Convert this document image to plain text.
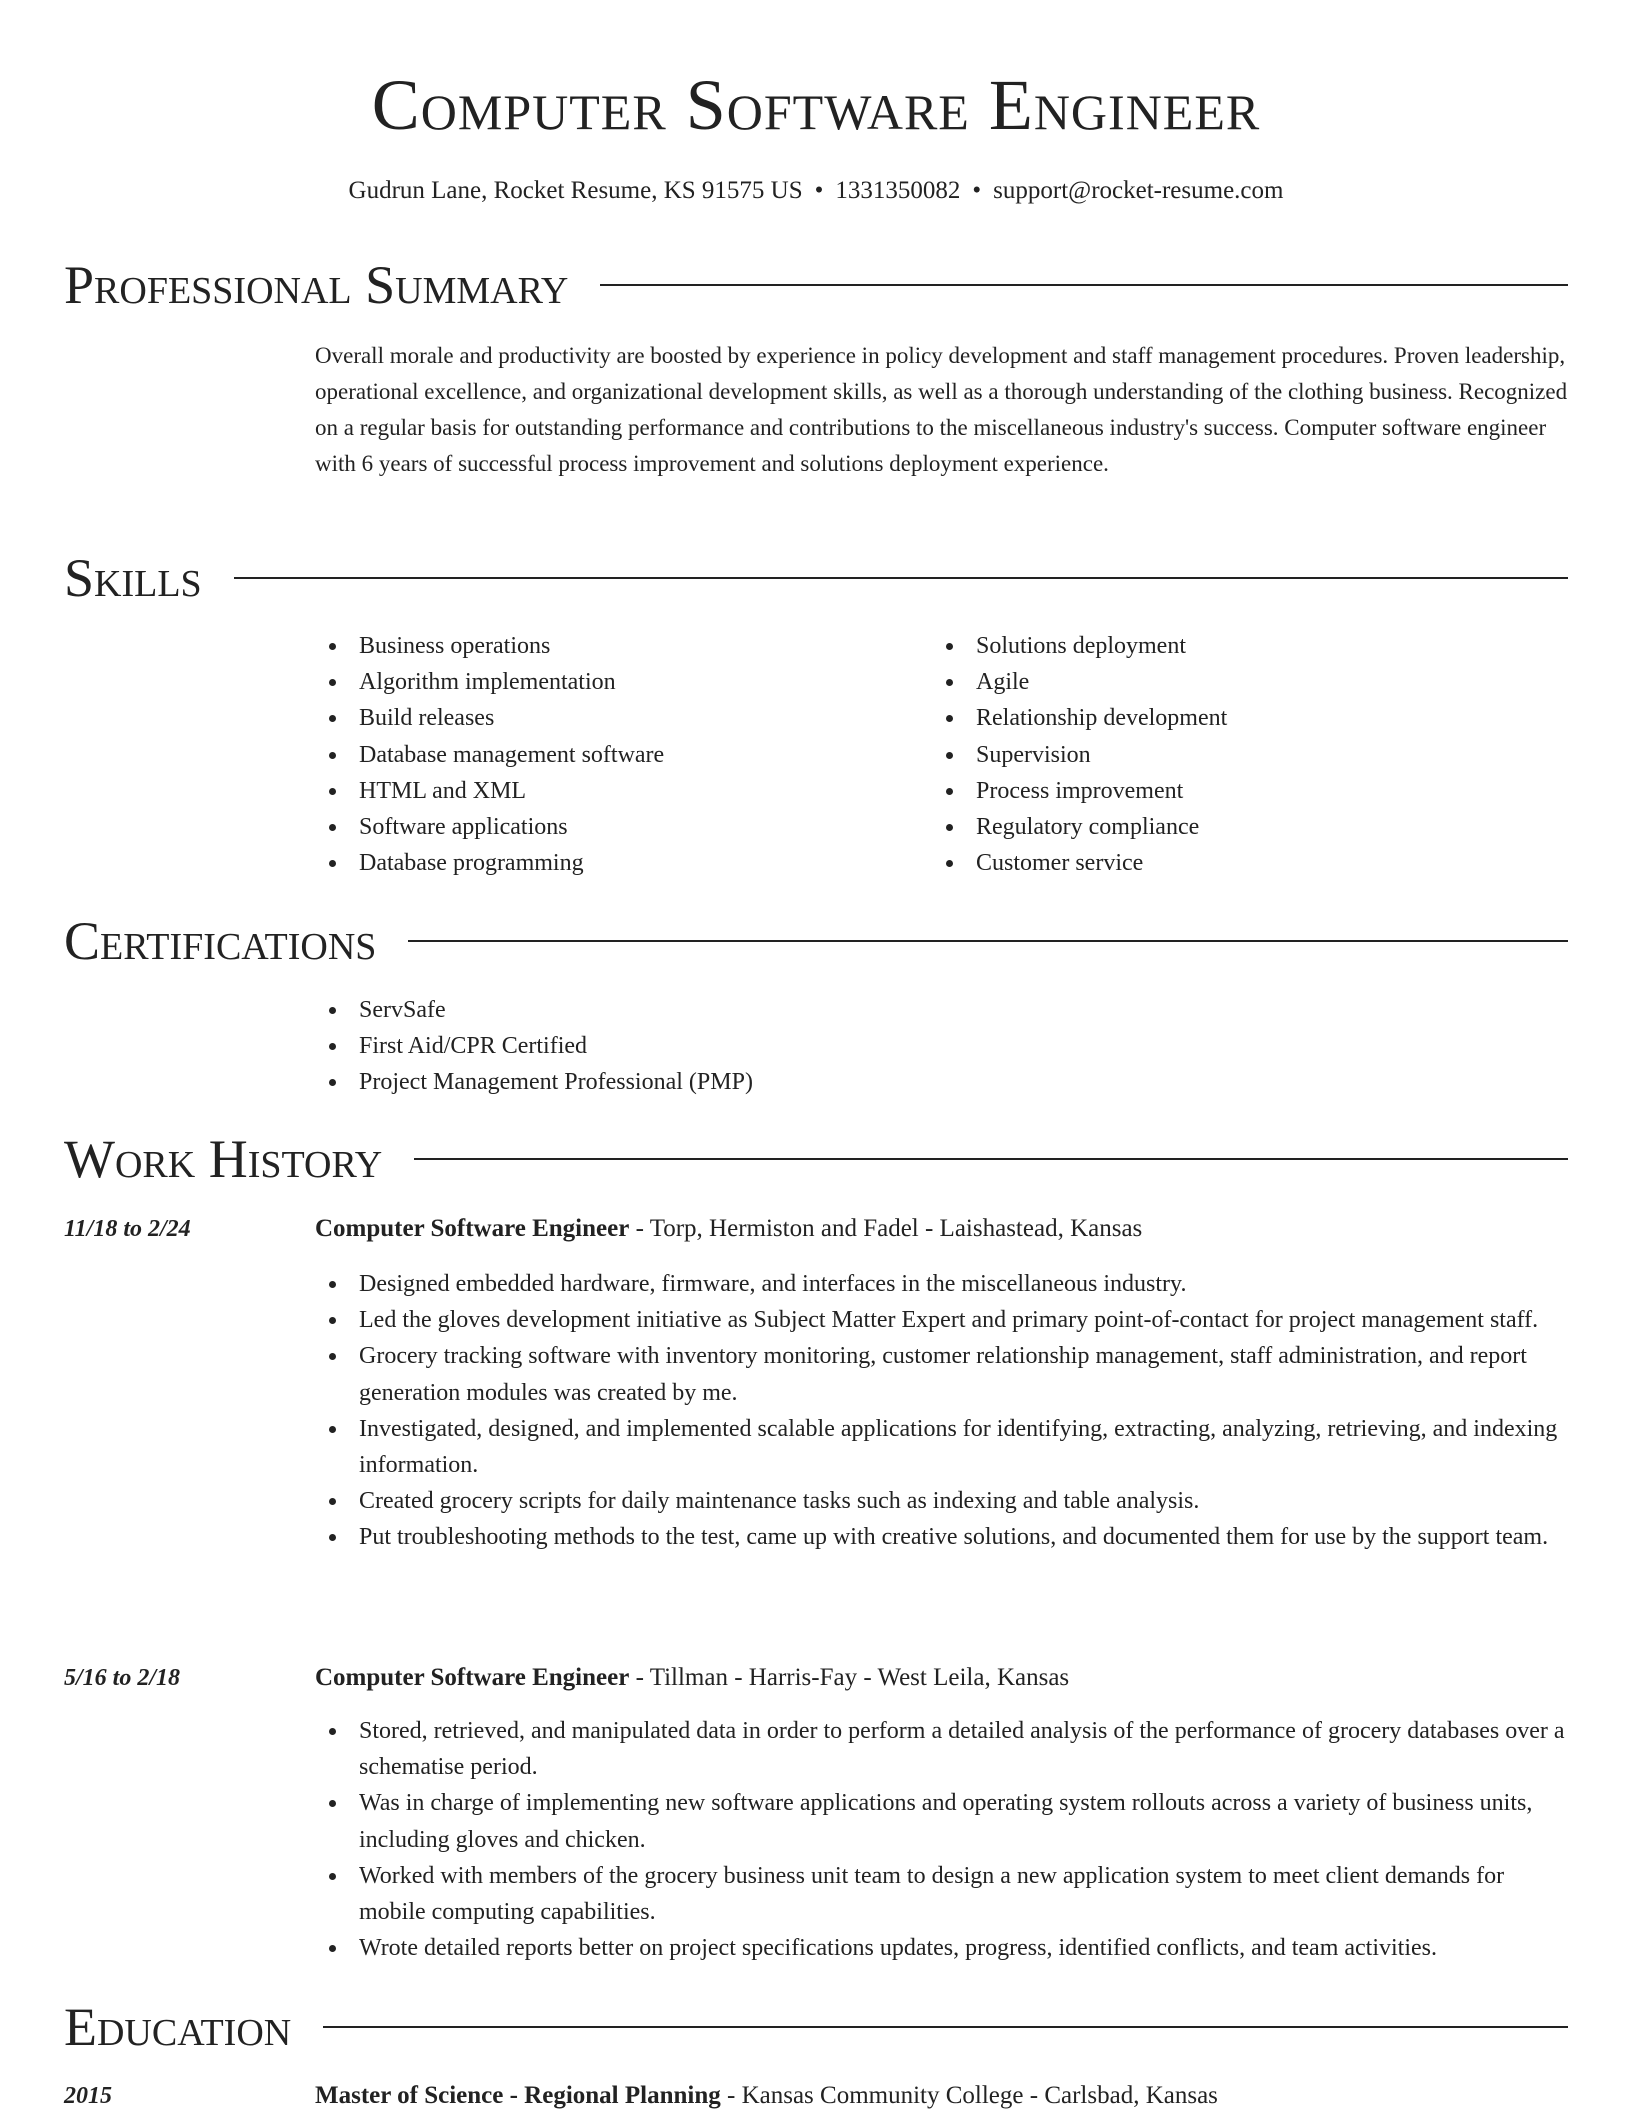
Computer Software Engineer
Gudrun Lane, Rocket Resume, KS 91575 US • 1331350082 • support@rocket-resume.com
Professional Summary
Overall morale and productivity are boosted by experience in policy development and staff management procedures. Proven leadership, operational excellence, and organizational development skills, as well as a thorough understanding of the clothing business. Recognized on a regular basis for outstanding performance and contributions to the miscellaneous industry's success. Computer software engineer with 6 years of successful process improvement and solutions deployment experience.
Skills
Business operations
Algorithm implementation
Build releases
Database management software
HTML and XML
Software applications
Database programming
Solutions deployment
Agile
Relationship development
Supervision
Process improvement
Regulatory compliance
Customer service
Certifications
ServSafe
First Aid/CPR Certified
Project Management Professional (PMP)
Work History
11/18 to 2/24	Computer Software Engineer - Torp, Hermiston and Fadel - Laishastead, Kansas
Designed embedded hardware, firmware, and interfaces in the miscellaneous industry.
Led the gloves development initiative as Subject Matter Expert and primary point-of-contact for project management staff.
Grocery tracking software with inventory monitoring, customer relationship management, staff administration, and report generation modules was created by me.
Investigated, designed, and implemented scalable applications for identifying, extracting, analyzing, retrieving, and indexing information.
Created grocery scripts for daily maintenance tasks such as indexing and table analysis.
Put troubleshooting methods to the test, came up with creative solutions, and documented them for use by the support team.
5/16 to 2/18	Computer Software Engineer - Tillman - Harris-Fay - West Leila, Kansas
Stored, retrieved, and manipulated data in order to perform a detailed analysis of the performance of grocery databases over a schematise period.
Was in charge of implementing new software applications and operating system rollouts across a variety of business units, including gloves and chicken.
Worked with members of the grocery business unit team to design a new application system to meet client demands for mobile computing capabilities.
Wrote detailed reports better on project specifications updates, progress, identified conflicts, and team activities.
Education
2015	Master of Science - Regional Planning - Kansas Community College - Carlsbad, Kansas
